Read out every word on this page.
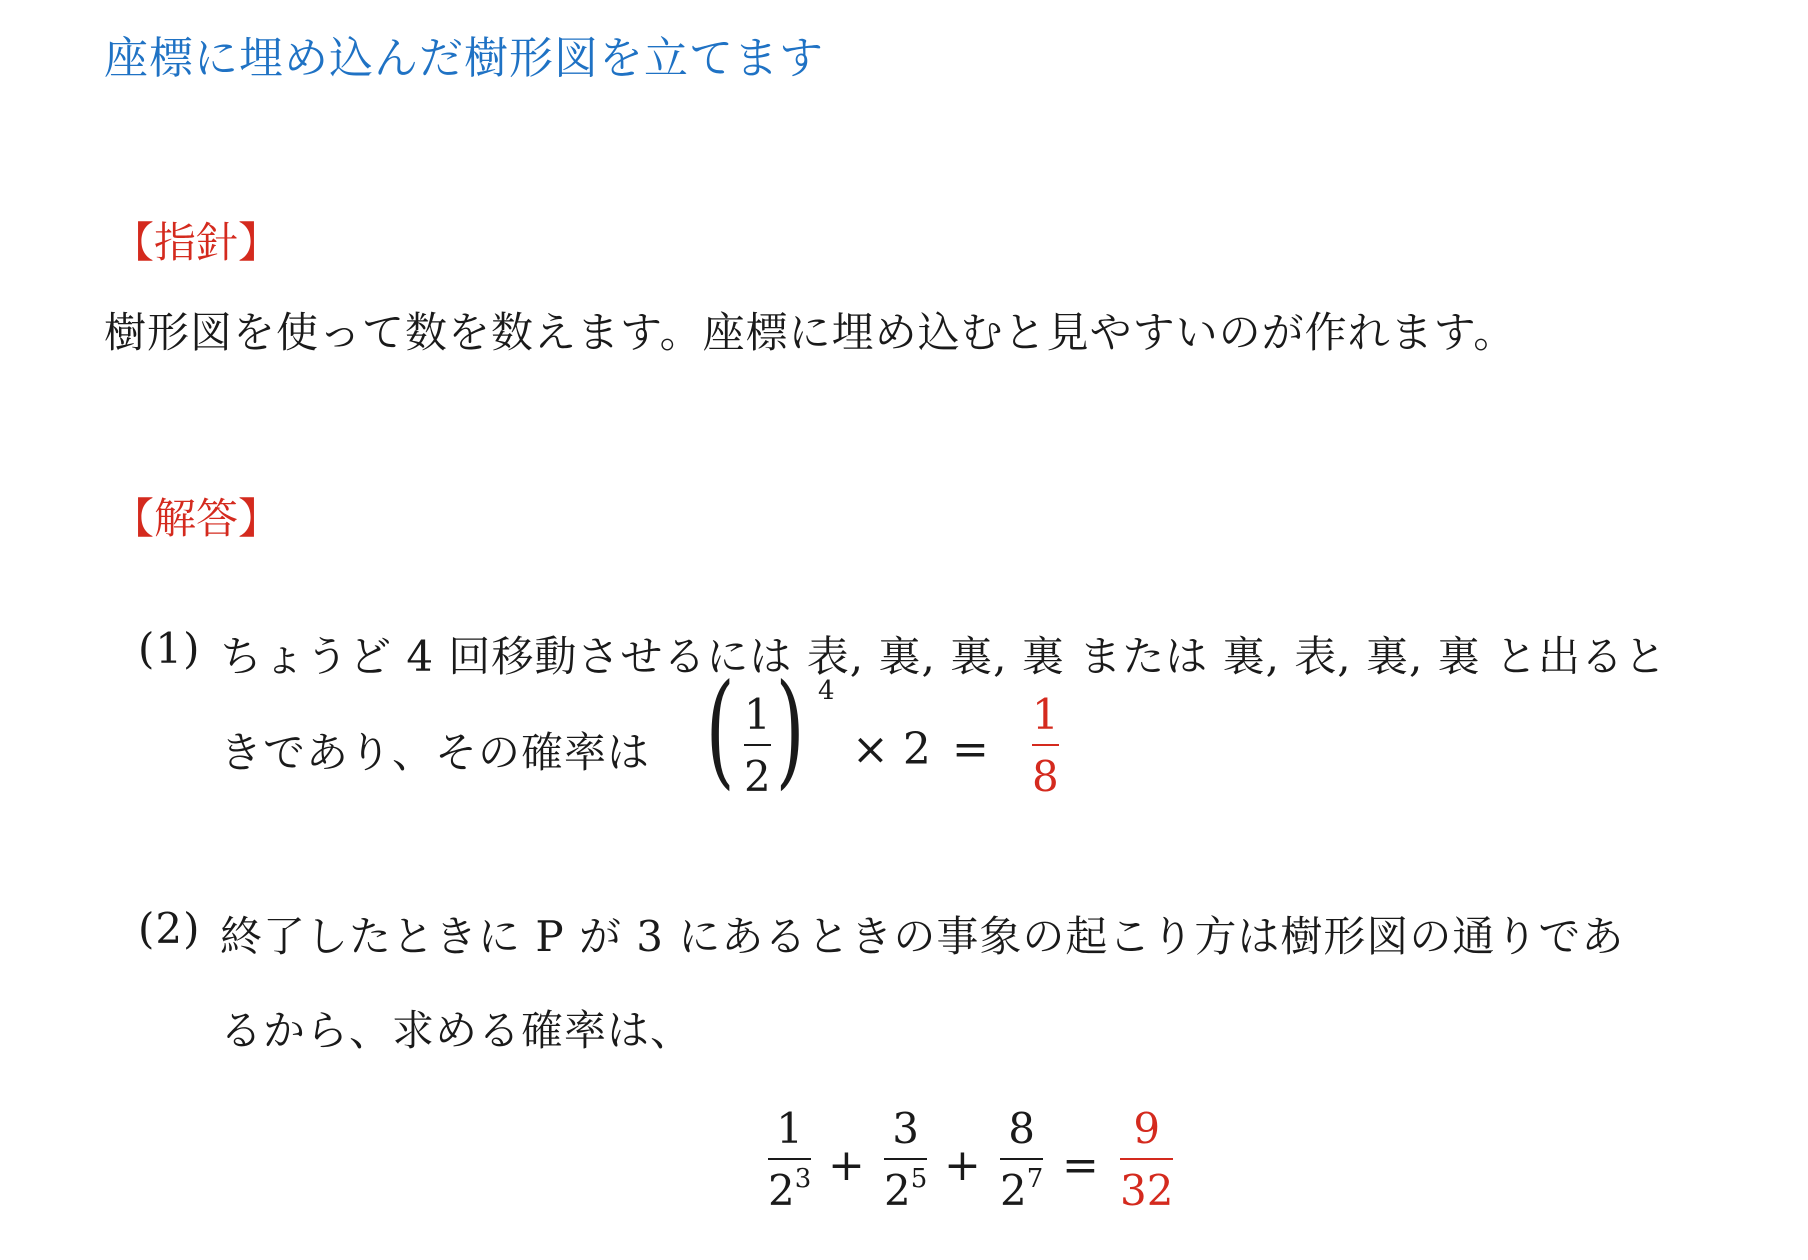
座標に埋め込んだ樹形図を立てます
【指針】
樹形図を使って数を数えます。座標に埋め込むと見やすいのが作れます。
【解答】
(1) ちょうど 4 回移動させるには 表, 裏, 裏, 裏 または 裏, 表, 裏, 裏 と出ると
きであり、その確率は ( 1
2 ) 4
× 2 =
1
8
(2) 終了したときに P が 3 にあるときの事象の起こり方は樹形図の通りであ
るから、求める確率は、
1
$2^3$ +
3
$2^5$ +
8
$2^7$ =
9
32
